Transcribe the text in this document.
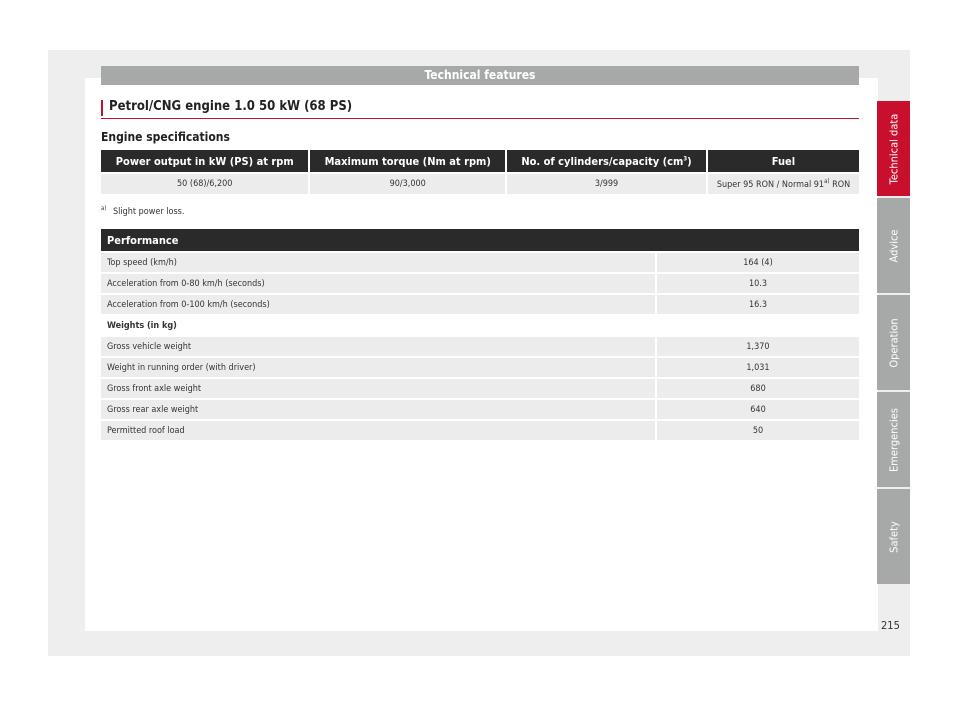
Technical features
Petrol/CNG engine 1.0 50 kW (68 PS)
Engine specifications
Power output in kW (PS) at rpm	Maximum torque (Nm at rpm)	No. of cylinders/capacity $(cm^3)$	Fuel
50 (68)/6,200	90/3,000	3/999	Super 95 RON / Normal 91$^{a)}$ RON
$^{a)}$ Slight power loss.
Performance	
Top speed (km/h)	164 (4)
Acceleration from 0-80 km/h (seconds)	10.3
Acceleration from 0-100 km/h (seconds)	16.3
Weights (in kg)	
Gross vehicle weight	1,370
Weight in running order (with driver)	1,031
Gross front axle weight	680
Gross rear axle weight	640
Permitted roof load	50
Technical data
Advice
Operation
Emergencies
Safety
215
